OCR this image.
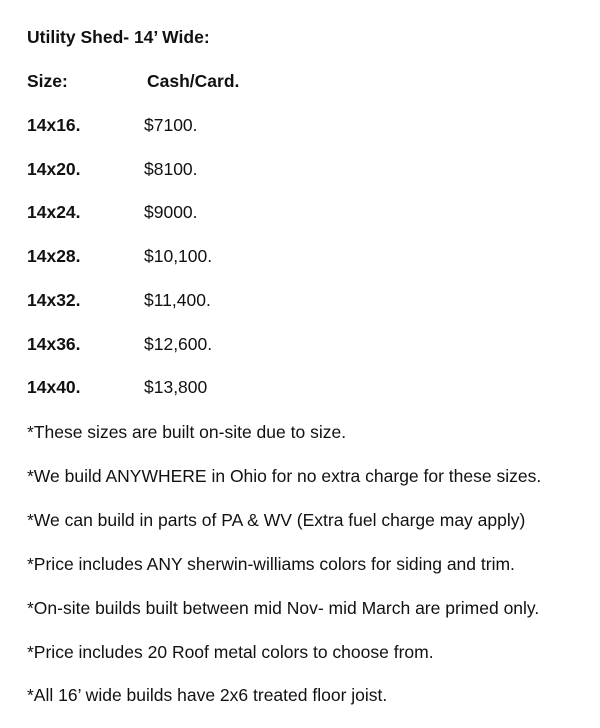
Utility Shed- 14’ Wide:
Size:	Cash/Card.
14x16.	$7100.
14x20.	$8100.
14x24.	$9000.
14x28.	$10,100.
14x32.	$11,400.
14x36.	$12,600.
14x40.	$13,800
*These sizes are built on-site due to size.
*We build ANYWHERE in Ohio for no extra charge for these sizes.
*We can build in parts of PA & WV (Extra fuel charge may apply)
*Price includes ANY sherwin-williams colors for siding and trim.
*On-site builds built between mid Nov- mid March are primed only.
*Price includes 20 Roof metal colors to choose from.
*All 16’ wide builds have 2x6 treated floor joist.
